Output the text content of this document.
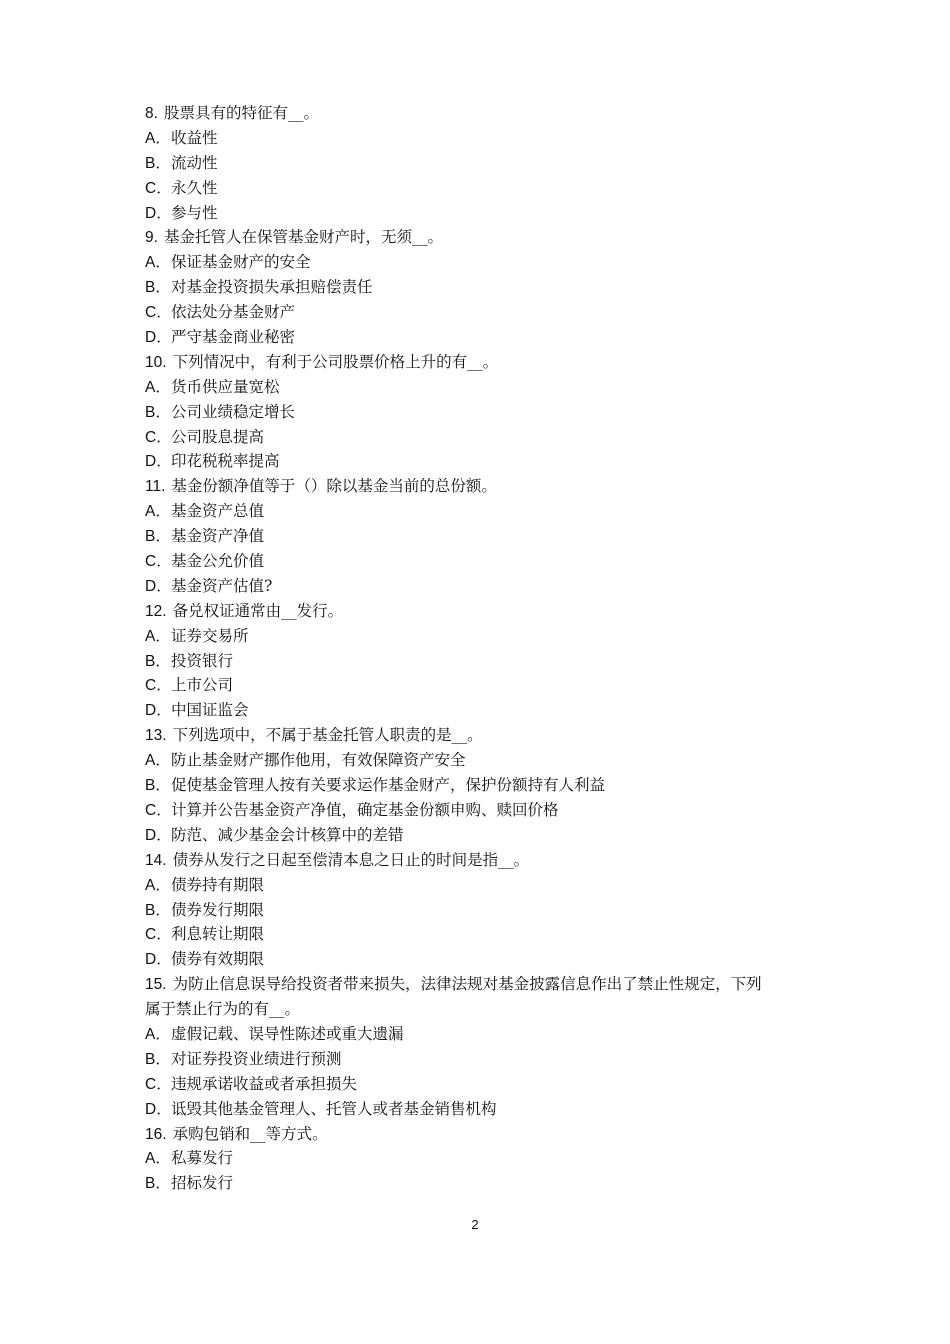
8. 股票具有的特征有__。
A．收益性
B．流动性
C．永久性
D．参与性
9. 基金托管人在保管基金财产时，无须__。
A．保证基金财产的安全
B．对基金投资损失承担赔偿责任
C．依法处分基金财产
D．严守基金商业秘密
10. 下列情况中，有利于公司股票价格上升的有__。
A．货币供应量宽松
B．公司业绩稳定增长
C．公司股息提高
D．印花税税率提高
11. 基金份额净值等于（）除以基金当前的总份额。
A．基金资产总值
B．基金资产净值
C．基金公允价值
D．基金资产估值?
12. 备兑权证通常由__发行。
A．证券交易所
B．投资银行
C．上市公司
D．中国证监会
13. 下列选项中，不属于基金托管人职责的是__。
A．防止基金财产挪作他用，有效保障资产安全
B．促使基金管理人按有关要求运作基金财产，保护份额持有人利益
C．计算并公告基金资产净值，确定基金份额申购、赎回价格
D．防范、减少基金会计核算中的差错
14. 债券从发行之日起至偿清本息之日止的时间是指__。
A．债券持有期限
B．债券发行期限
C．利息转让期限
D．债券有效期限
15. 为防止信息误导给投资者带来损失，法律法规对基金披露信息作出了禁止性规定，下列
属于禁止行为的有__。
A．虚假记载、误导性陈述或重大遗漏
B．对证券投资业绩进行预测
C．违规承诺收益或者承担损失
D．诋毁其他基金管理人、托管人或者基金销售机构
16. 承购包销和__等方式。
A．私募发行
B．招标发行
2
